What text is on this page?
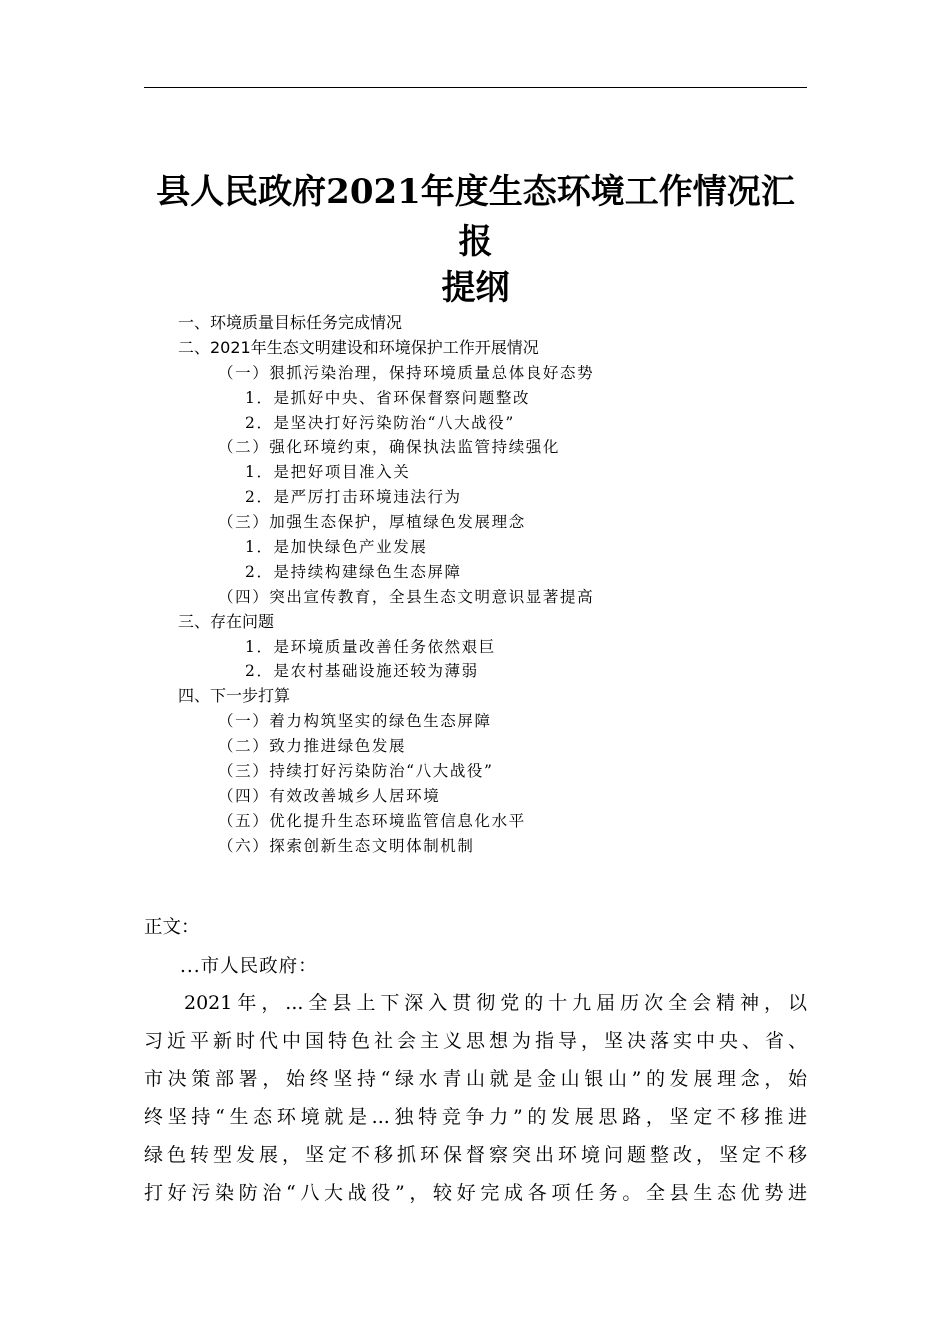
县人民政府2021年度生态环境工作情况汇
报
提纲
一、环境质量目标任务完成情况
二、2021年生态文明建设和环境保护工作开展情况
（一）狠抓污染治理，保持环境质量总体良好态势
1．是抓好中央、省环保督察问题整改
2．是坚决打好污染防治“八大战役”
（二）强化环境约束，确保执法监管持续强化
1．是把好项目准入关
2．是严厉打击环境违法行为
（三）加强生态保护，厚植绿色发展理念
1．是加快绿色产业发展
2．是持续构建绿色生态屏障
（四）突出宣传教育，全县生态文明意识显著提高
三、存在问题
1．是环境质量改善任务依然艰巨
2．是农村基础设施还较为薄弱
四、下一步打算
（一）着力构筑坚实的绿色生态屏障
（二）致力推进绿色发展
（三）持续打好污染防治“八大战役”
（四）有效改善城乡人居环境
（五）优化提升生态环境监管信息化水平
（六）探索创新生态文明体制机制
正文：
...市人民政府：
2021年，...全县上下深入贯彻党的十九届历次全会精神，以
习近平新时代中国特色社会主义思想为指导，坚决落实中央、省、
市决策部署，始终坚持“绿水青山就是金山银山”的发展理念，始
终坚持“生态环境就是...独特竞争力”的发展思路，坚定不移推进
绿色转型发展，坚定不移抓环保督察突出环境问题整改，坚定不移
打好污染防治“八大战役”，较好完成各项任务。全县生态优势进
